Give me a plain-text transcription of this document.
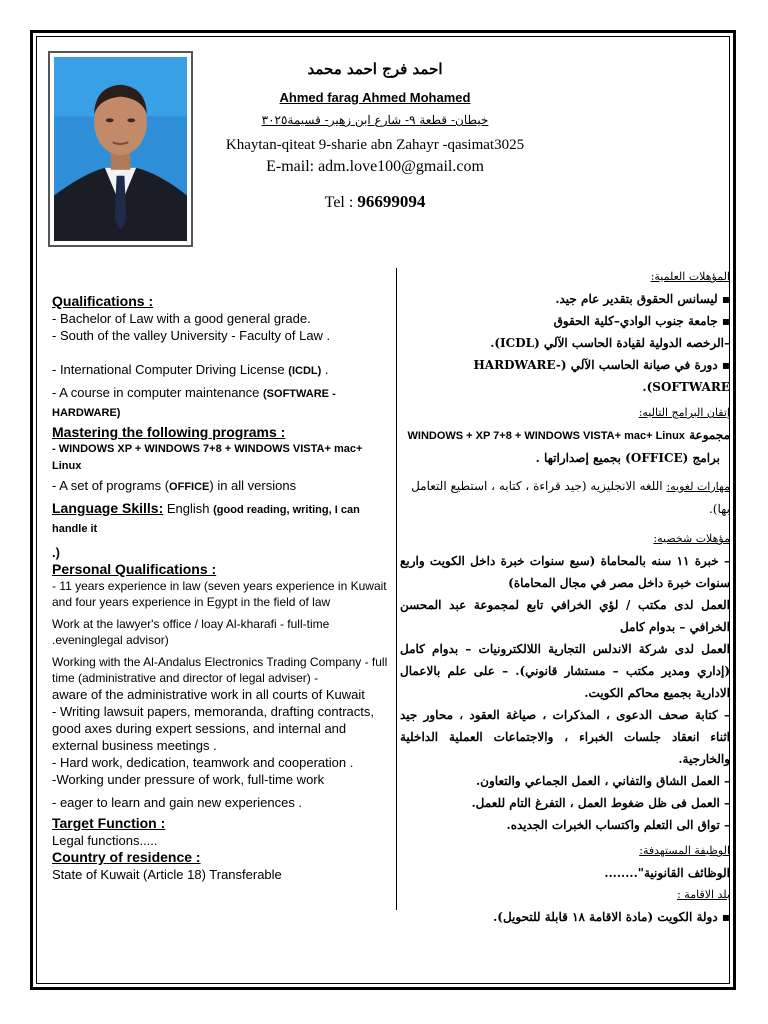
احمد فرج احمد محمد

Ahmed farag Ahmed Mohamed

خيطان- قطعة ٩- شارع ابن زهير- قسيمة٣٠٢٥

Khaytan-qiteat 9-sharie abn Zahayr -qasimat3025

E-mail: adm.love100@gmail.com

Tel : 96699094

Qualifications :

- Bachelor of Law with a good general grade.

- South of the valley University - Faculty of Law .

- International Computer Driving License (ICDL) .

- A course in computer maintenance (SOFTWARE - HARDWARE)

Mastering the following programs :

- WINDOWS XP + WINDOWS 7+8 + WINDOWS VISTA+ mac+ Linux

- A set of programs (OFFICE) in all versions

Language Skills: English (good reading, writing, I can handle it

.)

Personal Qualifications :

- 11 years experience in law (seven years experience in Kuwait and four years experience in Egypt in the field of law

Work at the lawyer's office / loay Al-kharafi - full-time .eveninglegal advisor)

Working with the Al-Andalus Electronics Trading Company - full time (administrative and director of legal adviser) -

aware of the administrative work in all courts of Kuwait

- Writing lawsuit papers, memoranda, drafting contracts, good axes during expert sessions, and internal and external business meetings .

- Hard work, dedication, teamwork and cooperation .

-Working under pressure of work, full-time work

- eager to learn and gain new experiences .

Target Function :

Legal functions.....

Country of residence :

State of Kuwait (Article 18) Transferable

المؤهلات العلمية:

▪ ليسانس الحقوق بتقدير عام جيد.

▪ جامعة جنوب الوادي–كلية الحقوق

–الرخصه الدولية لقيادة الحاسب الآلي (ICDL).

▪ دورة في صيانة الحاسب الآلي (HARDWARE-SOFTWARE).

إتقان البرامج التاليه:

مجموعة WINDOWS + XP 7+8 + WINDOWS VISTA+ mac+ Linux

برامج (OFFICE) بجميع إصداراتها .

مهارات لغويه: اللغه الانجليزيه (جيد قراءة ، كتابه ، استطيع التعامل بها).

مؤهلات شخصيه:

– خبرة ١١ سنه بالمحاماة (سبع سنوات خبرة داخل الكويت واربع سنوات خبرة داخل مصر في مجال المحاماة)

العمل لدى مكتب / لؤي الخرافي تابع لمجموعة عبد المحسن الخرافي – بدوام كامل

العمل لدى شركة الاندلس التجارية اللالكترونيات – بدوام كامل (إداري ومدير مكتب – مستشار قانوني). – على علم بالاعمال الادارية بجميع محاكم الكويت.

– كتابة صحف الدعوى ، المذكرات ، صياغة العقود ، محاور جيد اثناء انعقاد جلسات الخبراء ، والاجتماعات العملية الداخلية والخارجية.

– العمل الشاق والتفاني ، العمل الجماعي والتعاون.

– العمل فى ظل ضغوط العمل ، التفرغ التام للعمل.

– تواق الى التعلم واكتساب الخبرات الجديده.

الوظيفة المستهدفة:

الوظائف القانونية"........

بلد الاقامة :

▪ دولة الكويت (مادة الاقامة ١٨ قابلة للتحويل).
